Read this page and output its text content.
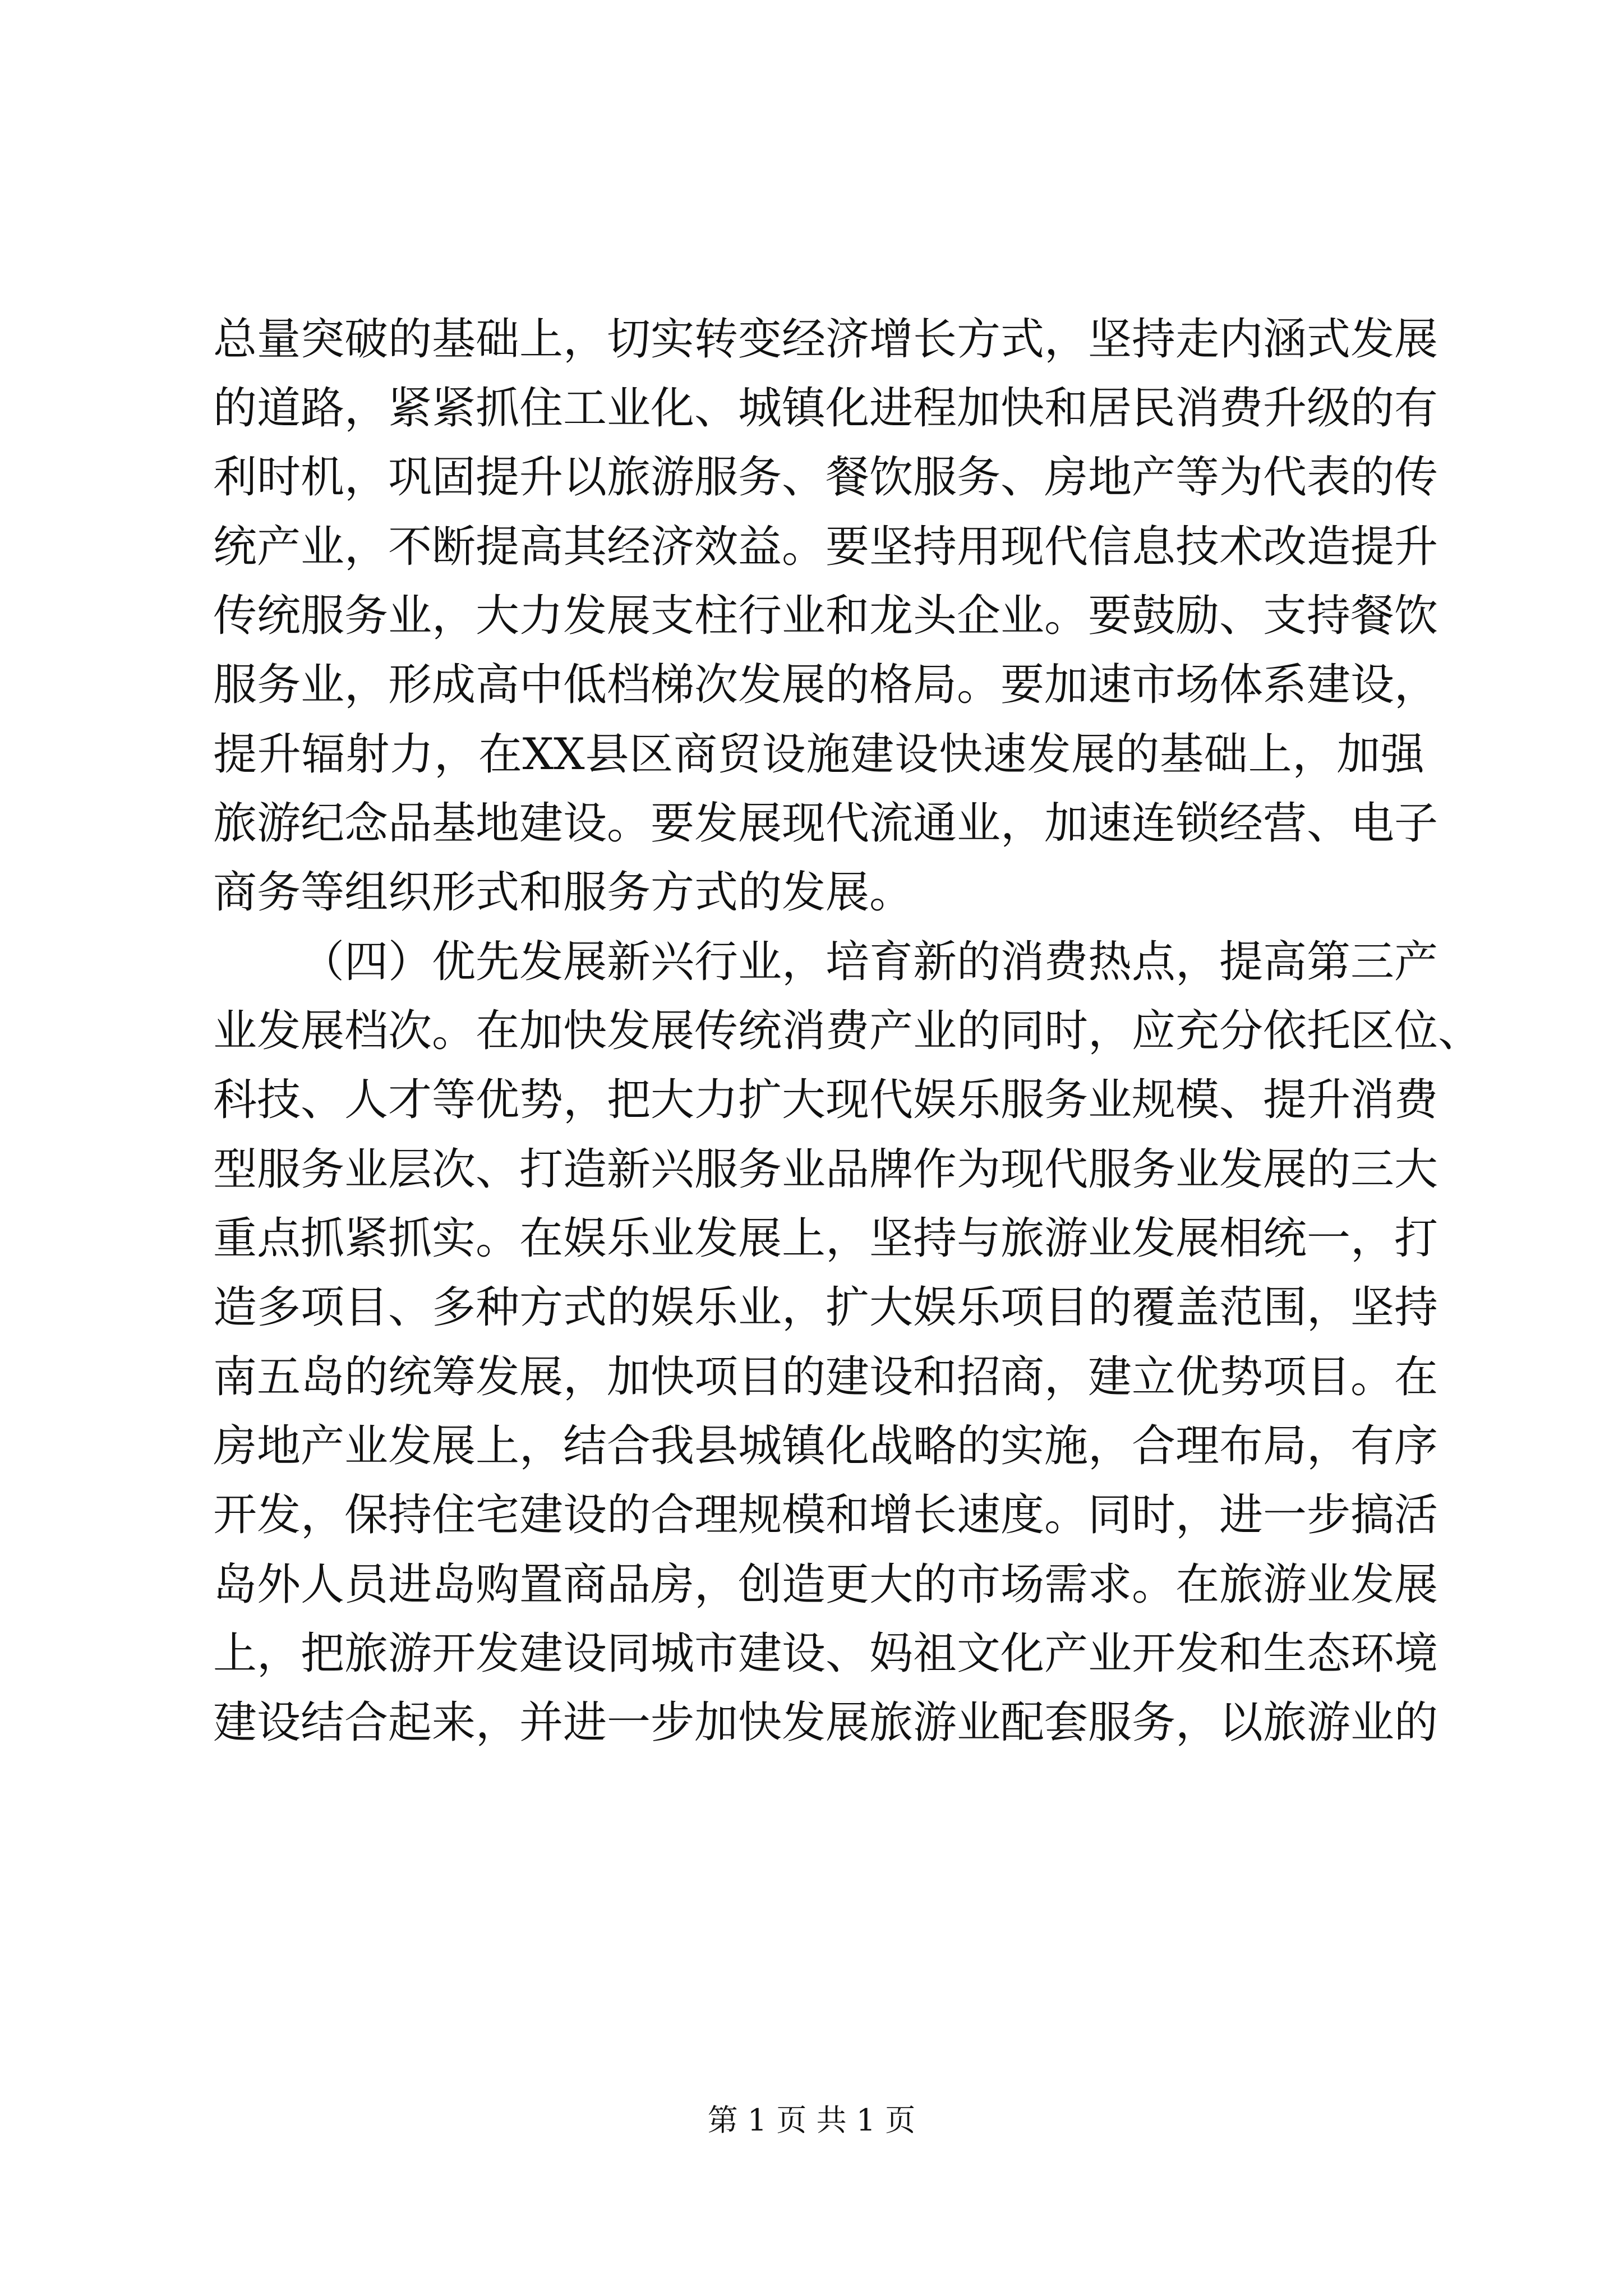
总量突破的基础上，切实转变经济增长方式，坚持走内涵式发展
的道路，紧紧抓住工业化、城镇化进程加快和居民消费升级的有
利时机，巩固提升以旅游服务、餐饮服务、房地产等为代表的传
统产业，不断提高其经济效益。要坚持用现代信息技术改造提升
传统服务业，大力发展支柱行业和龙头企业。要鼓励、支持餐饮
服务业，形成高中低档梯次发展的格局。要加速市场体系建设，
提升辐射力，在XX县区商贸设施建设快速发展的基础上，加强
旅游纪念品基地建设。要发展现代流通业，加速连锁经营、电子
商务等组织形式和服务方式的发展。
（四）优先发展新兴行业，培育新的消费热点，提高第三产
业发展档次。在加快发展传统消费产业的同时，应充分依托区位、
科技、人才等优势，把大力扩大现代娱乐服务业规模、提升消费
型服务业层次、打造新兴服务业品牌作为现代服务业发展的三大
重点抓紧抓实。在娱乐业发展上，坚持与旅游业发展相统一，打
造多项目、多种方式的娱乐业，扩大娱乐项目的覆盖范围，坚持
南五岛的统筹发展，加快项目的建设和招商，建立优势项目。在
房地产业发展上，结合我县城镇化战略的实施，合理布局，有序
开发，保持住宅建设的合理规模和增长速度。同时，进一步搞活
岛外人员进岛购置商品房，创造更大的市场需求。在旅游业发展
上，把旅游开发建设同城市建设、妈祖文化产业开发和生态环境
建设结合起来，并进一步加快发展旅游业配套服务，以旅游业的
第 1 页 共 1 页
